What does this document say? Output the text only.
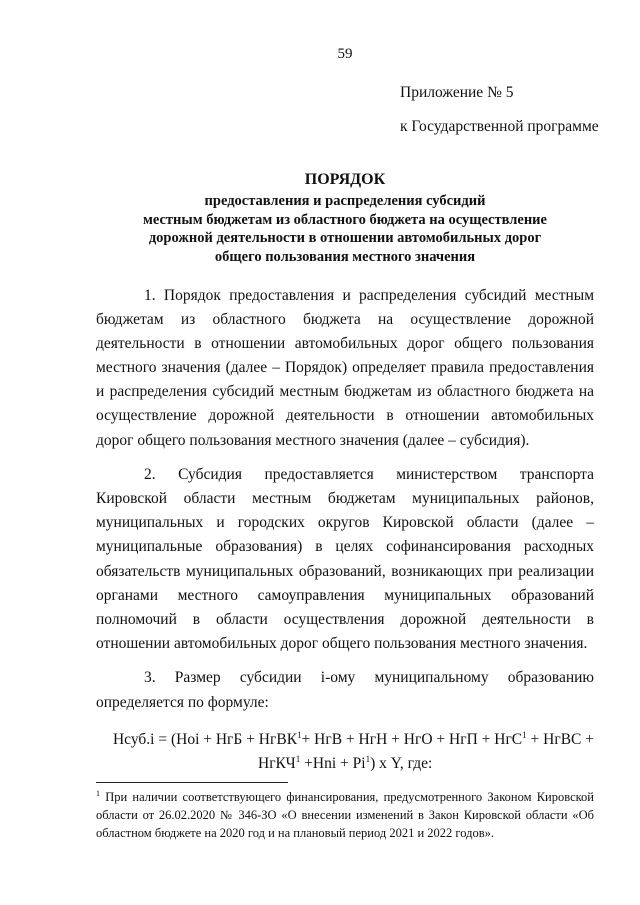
59
Приложение № 5
к Государственной программе
ПОРЯДОК
предоставления и распределения субсидий
местным бюджетам из областного бюджета на осуществление
дорожной деятельности в отношении автомобильных дорог
общего пользования местного значения

1. Порядок предоставления и распределения субсидий местным бюджетам из областного бюджета на осуществление дорожной деятельности в отношении автомобильных дорог общего пользования местного значения (далее – Порядок) определяет правила предоставления и распределения субсидий местным бюджетам из областного бюджета на осуществление дорожной деятельности в отношении автомобильных дорог общего пользования местного значения (далее – субсидия).

2. Субсидия предоставляется министерством транспорта Кировской области местным бюджетам муниципальных районов, муниципальных и городских округов Кировской области (далее – муниципальные образования) в целях софинансирования расходных обязательств муниципальных образований, возникающих при реализации органами местного самоуправления муниципальных образований полномочий в области осуществления дорожной деятельности в отношении автомобильных дорог общего пользования местного значения.

3. Размер субсидии i-ому муниципальному образованию определяется по формуле:

Нсуб.i = (Ноi + НгБ + НгВК$^1$+ НгВ + НгН + НгО + НгП + НгС$^1$ + НгВС +
НгКЧ$^1$ $+Нni + Рi^1$) х Y, где:
$^1$ При наличии соответствующего финансирования, предусмотренного Законом Кировской области от 26.02.2020 № 346-ЗО «О внесении изменений в Закон Кировской области «Об областном бюджете на 2020 год и на плановый период 2021 и 2022 годов».
